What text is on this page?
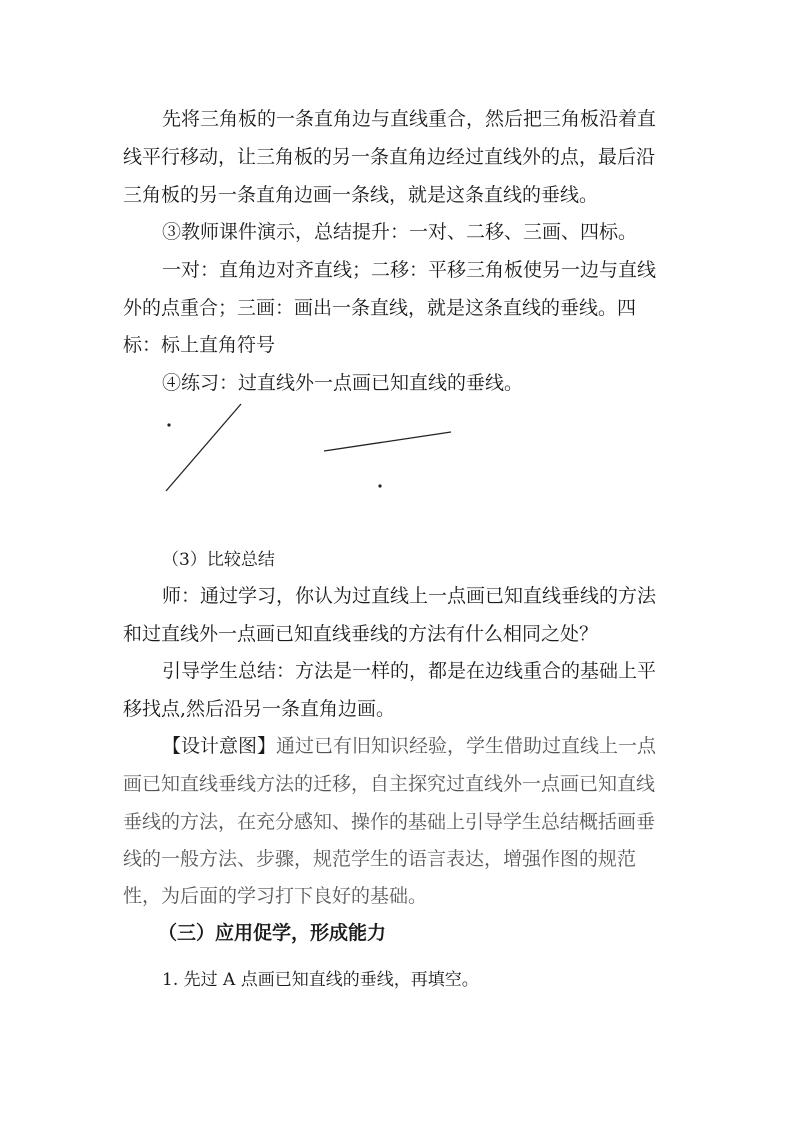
先将三角板的一条直角边与直线重合，然后把三角板沿着直
线平行移动，让三角板的另一条直角边经过直线外的点，最后沿
三角板的另一条直角边画一条线，就是这条直线的垂线。
③教师课件演示，总结提升：一对、二移、三画、四标。
一对：直角边对齐直线；二移：平移三角板使另一边与直线
外的点重合；三画：画出一条直线，就是这条直线的垂线。四
标：标上直角符号
④练习：过直线外一点画已知直线的垂线。
（3）比较总结
师：通过学习，你认为过直线上一点画已知直线垂线的方法
和过直线外一点画已知直线垂线的方法有什么相同之处？
引导学生总结：方法是一样的，都是在边线重合的基础上平
移找点,然后沿另一条直角边画。
【设计意图】通过已有旧知识经验，学生借助过直线上一点
画已知直线垂线方法的迁移，自主探究过直线外一点画已知直线
垂线的方法，在充分感知、操作的基础上引导学生总结概括画垂
线的一般方法、步骤，规范学生的语言表达，增强作图的规范
性，为后面的学习打下良好的基础。
（三）应用促学，形成能力
1. 先过 A 点画已知直线的垂线，再填空。
